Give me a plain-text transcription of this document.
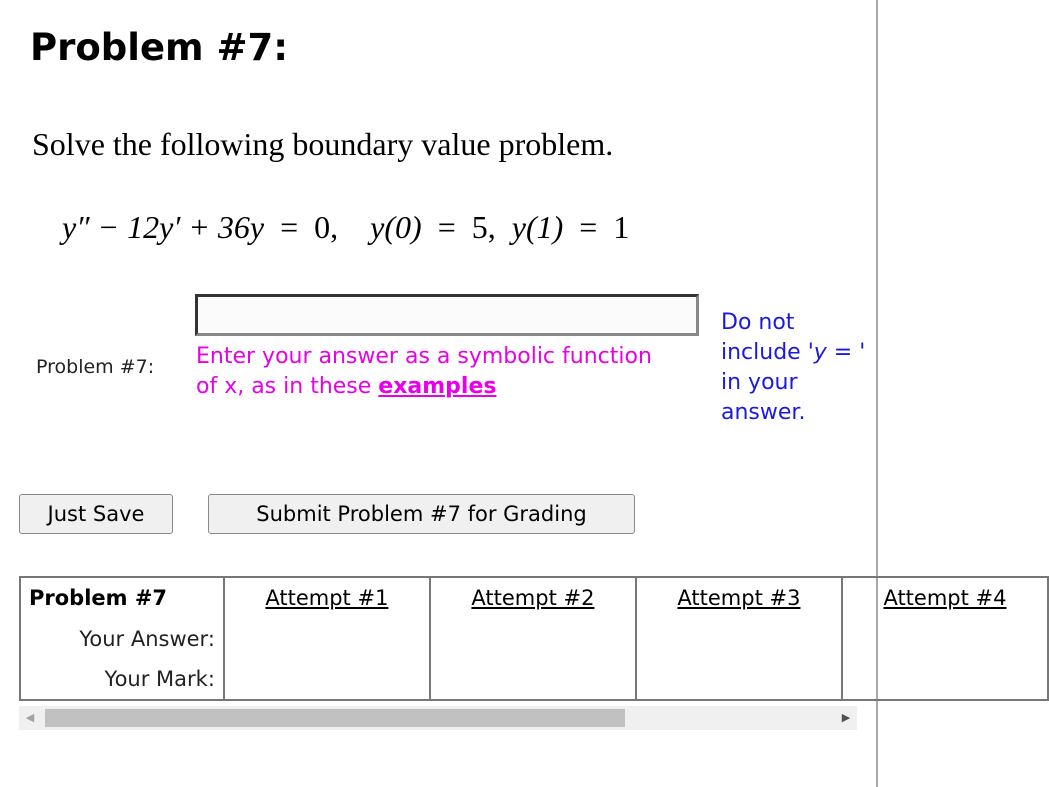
Problem #7:
Solve the following boundary value problem.
y″ − 12y′ + 36y = 0, y(0) = 5, y(1) = 1
Problem #7: Enter your answer as a symbolic function of x, as in these examples
Do not include 'y = ' in your answer.
Just Save	Submit Problem #7 for Grading
Problem #7	Attempt #1	Attempt #2	Attempt #3	Attempt #4
Your Answer:				
Your Mark:				
◀	▶
